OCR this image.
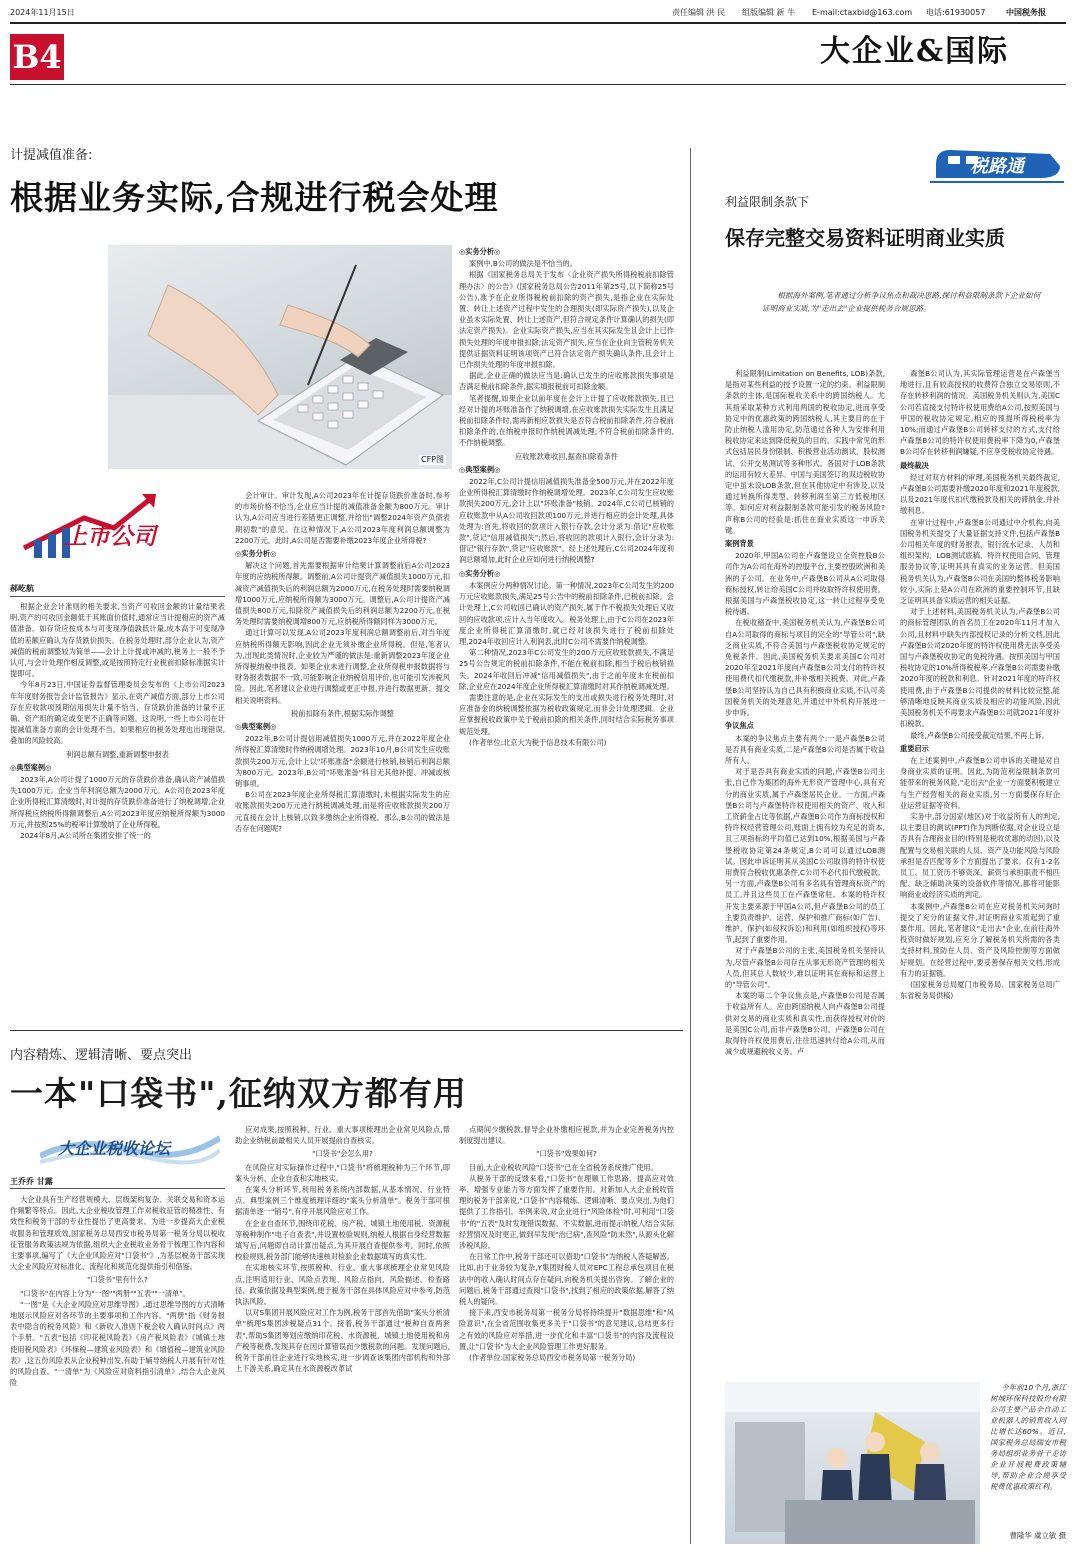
2024年11月15日	责任编辑 洪 民 组版编辑 新 牛 E-mail:ctaxbid@163.com 电话:61930057	中国税务报
B4	大企业&国际
计提减值准备:
根据业务实际,合规进行税会处理
CFP图
上市公司
郝屹航

根据企业会计准则的相关要求,当资产可收回金额的计量结果表明,资产的可收回金额低于其账面价值时,通常应当计提相应的资产减值准备。如存货应按成本与可变现净值孰低计量,成本高于可变现净值的差额应确认为存货跌价损失。在税务处理时,部分企业认为,资产减值的税前调整较为简单——会计上计提或冲减的,税务上一般不予认可,与会计处理作相反调整,或是按照特定行业税前扣除标准据实计提即可。

今年8月23日,中国证券监督管理委员会发布的《上市公司2023年年度财务报告会计监管报告》显示,在资产减值方面,部分上市公司存在应收款项预期信用损失计量不恰当、存货跌价准备的计量不正确、资产组的确定或变更不正确等问题。这说明,一些上市公司在计提减值准备方面的会计处理不当。如果相应的税务处理也出现错误,叠加的风险较高。

利润总额有调整,重新调整申报表

◎典型案例◎

2023年,A公司计提了1000万元的存货跌价准备,确认资产减值损失1000万元。企业当年利润总额为2000万元。A公司在2023年度企业所得税汇算清缴时,对计提的存货跌价准备进行了纳税调增,企业所得税应纳税所得额调整后,A公司2023年度应纳税所得额为3000万元,并按照25%的税率计算缴纳了企业所得税。

2024年8月,A公司所在集团安排了统一的

会计审计。审计发现,A公司2023年在计提存货跌价准备时,参考的市场价格不恰当,企业应当计提的减值准备金额为800万元。审计认为,A公司应当进行差错更正调整,并给出"调整2024年资产负债表期初数"的意见。在这种情况下,A公司2023年度利润总额调整为2200万元。此时,A公司是否需要补缴2023年度企业所得税?

◎实务分析◎

解决这个问题,首先需要根据审计结果计算调整前后A公司2023年度的应纳税所得额。调整前,A公司计提资产减值损失1000万元,扣减资产减值损失后的利润总额为2000万元,在税务处理时需要纳税调增1000万元,应纳税所得额为3000万元。调整后,A公司计提资产减值损失800万元,扣除资产减值损失后的利润总额为2200万元,在税务处理时需要纳税调增800万元,应纳税所得额同样为3000万元。

通过计算可以发现,A公司2023年度利润总额调整前后,对当年度应纳税所得额无影响,因此企业无须补缴企业所得税。但是,笔者认为,出现此类情况时,企业较为严谨的做法是:重新调整2023年度企业所得税纳税申报表。如果企业未进行调整,企业所得税申报数据将与财务报表数据不一致,可能影响企业纳税信用评价,也可能引发涉税风险。因此,笔者建议企业进行调整或更正申报,并进行数据更新、提交相关说明资料。

税前扣除有条件,根据实际作调整

◎典型案例◎

2022年,B公司计提信用减值损失1000万元,并在2022年度企业所得税汇算清缴时作纳税调增处理。2023年10月,B公司发生应收账款损失200万元,会计上以"坏账准备"余额进行核销,核销后利润总额为800万元。2023年,B公司"坏账准备"科目无其他补提、冲减或核销事项。

B公司在2023年度企业所得税汇算清缴时,未根据实际发生的应收账款损失200万元进行纳税调减处理,而是将应收账款损失200万元直接在会计上核销,以致多缴纳企业所得税。那么,B公司的做法是否存在问题呢?

◎实务分析◎

案例中,B公司的做法是不恰当的。

根据《国家税务总局关于发布〈企业资产损失所得税税前扣除管理办法〉的公告》(国家税务总局公告2011年第25号,以下简称25号公告),准予在企业所得税税前扣除的资产损失,是指企业在实际处置、转让上述资产过程中发生的合理损失(即实际资产损失),以及企业虽未实际处置、转让上述资产,但符合规定条件计算确认的损失(即法定资产损失)。企业实际资产损失,应当在其实际发生且会计上已作损失处理的年度申报扣除;法定资产损失,应当在企业向主管税务机关提供证据资料证明该项资产已符合法定资产损失确认条件,且会计上已作损失处理的年度申报扣除。

据此,企业正确的做法应当是:确认已发生的应收账款损失事项是否满足税前扣除条件,据实填报税前可扣除金额。

笔者提醒,如果企业以前年度在会计上计提了应收账款损失,且已经对计提的坏账准备作了纳税调增,在应收账款损失实际发生且满足税前扣除条件时,需再新相应款损失是否符合税前扣除条件,符合税前扣除条件的,在纳税申报时作纳税调减处理;不符合税前扣除条件的,不作纳税调整。

应收账款难收回,据查扣除看条件

◎典型案例◎

2022年,C公司计提信用减值损失准备金500万元,并在2022年度企业所得税汇算清缴时作纳税调增处理。2023年,C公司发生应收账款损失200万元,会计上以"坏账准备"核销。2024年,C公司已核销的应收账款中从A公司收回款项100万元,并进行相应的会计处理,具体处理为:首先,将收回的款项计入银行存款,会计分录为:借记"应收账款",贷记"信用减值损失";然后,将收回的款项计入银行,会计分录为:借记"银行存款",贷记"应收账款"。经上述处理后,C公司2024年度利润总额增加,此时企业应如何进行纳税调整?

◎实务分析◎

本案例应分两种情况讨论。第一种情况,2023年C公司发生的200万元应收账款损失,满足25号公告中的税前扣除条件,已税前扣除。会计处理上,C公司收回已确认的资产损失,属于作不税损失处理后又收回的应收款项,应计入当年度收入。税务处理上,由于C公司在2023年度企业所得税汇算清缴时,就已经对该损失进行了税前扣除处理,2024年收回应计入利润表,此时C公司不需要作纳税调整。

第二种情况,2023年C公司发生的200万元应收账款损失,不满足25号公告规定的税前扣除条件,不能在税前扣除,相当于税后核销损失。2024年收回后冲减"信用减值损失",由于之前年度未在税前扣除,企业应在2024年度企业所得税汇算清缴时对其作纳税调减处理。

需要注意的是,企业在实际发生的支出或损失进行税务处理时,对应准备金的纳税调整依据为税收政策规定,而非会计处理逻辑。企业应掌握税收政策中关于税前扣除的相关条件,同时结合实际税务事项规范处理。

(作者单位:北京大为税干信息技术有限公司)

内容精炼、逻辑清晰、要点突出
一本"口袋书",征纳双方都有用
大企业税收论坛
王乔乔 甘露

大企业具有生产经营规模大、层级架构复杂、关联交易和资本运作频繁等特点。因此,大企业税收管理工作对税收征管的精准性、有效性和税务干部的专业性提出了更高要求。为进一步提高大企业税收服务和管理质效,国家税务总局西安市税务局第一税务分局以税收征管服务政策法规为依据,组织大企业税收业务骨干梳理工作内容和主要事项,编写了《大企业风险应对"口袋书"》,为基层税务干部实现大企业风险应对标准化、流程化和规范化提供指引和借鉴。

"口袋书"里有什么?

"口袋书"在内容上分为"一图""两册""五表""一清单"。

"一图"是《大企业风险应对思维导图》,通过思维导图的方式清晰地展示风险应对各环节的主要事项和工作内容。"两册"指《财务报表中隐含的税务风险》和《新收入准则下税会收入确认时间点》两个手册。"五表"包括《印花税风险表》《房产税风险表》《城镇土地使用税风险表》《环保税—建筑业风险表》和《增值税—建筑业风险表》,这五份风险表从企业税种出发,有助于辅导纳税人开展有针对性的风险自查。"一清单"为《风险应对资料指引清单》,结合大企业风险

应对成果,按照税种、行业、重大事项梳理出企业常见风险点,帮助企业纳税前最相关人员开展提前自查核实。

"口袋书"会怎么用?

在风险应对实际操作过程中,"口袋书"将梳理税种为三个环节,即案头分析、企业自查和实地核实。

在案头分析环节,利用税务系统内部数据,从基本情况、行业特点、典型案例三个维度梳理详细的"案头分析清单"。税务干部可根据清单逐一"销号",有序开展风险应对工作。

在企业自查环节,围绕印花税、房产税、城镇土地使用税、资源税等税种制作"电子自查表",并设置校验规则,纳税人根据自身经营数据填写后,问题即自动计算出疑点,为其开展自查提供参考。同时,依照校验规则,税务部门能够快速核对检验企业数据填写的真实性。

在实地核实环节,按照税种、行业、重大事项梳理企业常见风险点,注明适用行业、风险点表现、风险点指向、风险描述、检查路径、政策依据及典型案例,便于税务干部在具体风险应对中参考,防范执法风险。

以对S集团开展风险应对工作为例,税务干部首先借助"案头分析清单"梳理S集团涉税疑点31个。接着,税务干部通过"税种自查两套表",帮助S集团筹划应缴纳印花税、水资源税、城镇土地使用税和房产税等税费,发现其存在因计算错误而少缴税款的问题。发现问题后,税务干部前往企业进行实地核实,进一步调查该集团内部机构和外部上下游关系,确定其在水资源税改革试

点期间少缴税款,督导企业补缴相应税款,并为企业完善税务内控制度提出建议。

"口袋书"效果如何?

目前,大企业税收风险"口袋书"已在全省税务系统推广使用。

从税务干部的反馈来看,"口袋书"在理顺工作思路、提高应对效率、增强专业能力等方面发挥了重要作用。对新加入大企业税收管理的税务干部来说,"口袋书"内容精练、逻辑清晰、要点突出,为他们提供了工作指引。举例来说,对企业进行"风险体检"时,可利用"口袋书"的"五表"及时发现错误数据、不实数据,进而提示纳税人结合实际经营情况及时更正,做到早发现"治已病",查风险"防未然",从源头化解涉税风险。

在日常工作中,税务干部还可以借助"口袋书"为纳税人答疑解惑。比如,由于业务较为复杂,Y集团财税人员对EPC工程总承包项目在税法中的收入确认时间点存在疑问,向税务机关提出咨询。了解企业的问题后,税务干部通过查阅"口袋书",找到了相应的政策依据,解答了纳税人的疑问。

接下来,西安市税务局第一税务分局将持续提升"数据思维"和"风险意识",在全省范围收集更多关于"口袋书"的意见建议,总结更多行之有效的风险应对举措,进一步优化和丰富"口袋书"的内容及流程设置,让"口袋书"为大企业风险管理工作更好服务。

(作者单位:国家税务总局西安市税务局第一税务分局)

税路通
利益限制条款下
保存完整交易资料证明商业实质
根据海外案例,笔者通过分析争议焦点和裁决思路,探讨利益限制条款下企业如何证明商业实质,为"走出去"企业提供税务合规思路。

利益限制(Limitation on Benefits, LOB)条款,是指对某些利益的授予设置一定的约束。利益限制条款的主体,是国际税收关系中的跨国纳税人。尤其指采取某种方式利用两国的税收协定,进而享受协定中的优惠政策的跨国纳税人,其主要目的在于防止纳税人滥用协定,防范通过各种人为安排利用税收协定来达到降低税负的目的。实践中常见的形式包括居民身份限制、积极营业活动测试、股权测试、公开交易测试等多种形式。各国对于LOB条款的运用有较大差异。中国与美国签订的双边税收协定中虽未设LOB条款,但在其他协定中有涉及,以及通过转换所得类型、转移利润至第三方低税地区等。如何应对利益限制条款可能引发的税务风险?声称B公司的经验是:抓住在商业实质这一申诉关键。

案例背景

2020年,甲国A公司在卢森堡设立全资控股B公司作为A公司在海外的控股平台,主要控股欧洲和美洲的子公司。在业务中,卢森堡B公司从A公司取得商标授权,转让给美国C公司并收取特许权使用费。根据美国与卢森堡税收协定,这一转让过程享受免税待遇。

在税收稽查中,美国税务机关认为,卢森堡B公司自A公司取得的商标与项目的完全的"导管公司",缺乏商业实质,不符合美国与卢森堡税收协定规定的免税条件。因此,美国税务机关要求美国C公司对2020年至2021年度向卢森堡B公司支付的特许权使用费代扣代缴税款,并补缴相关税费。对此,卢森堡B公司坚持认为自己具有积极商业实质,不认可美国税务机关的处理意见,并通过中外机构开展进一步申诉。

争议焦点

本案的争议焦点主要有两个:一是卢森堡B公司是否具有商业实质,二是卢森堡B公司是否属于收益所有人。

对于是否具有商业实质的问题,卢森堡B公司主张,自己作为集团的海外无形资产管理中心,具有充分的商业实质,属于卢森堡居民企业。一方面,卢森堡B公司与卢森堡特许权使用相关的资产、收入和工资薪金占比等依据,卢森堡B公司作为商标授权和特许权经营管理公司,账面上拥有较为充足的资本,且三项指标的平均值已达到10%,根据美国与卢森堡税收协定第24条规定,B公司可以通过LOB测试。因此申诉证明其从美国C公司取得的特许权使用费符合税收优惠条件,C公司不必代扣代缴税款。另一方面,卢森堡B公司有多名具有管理商标资产的员工,并且这些员工在卢森堡常驻。本案的特许权开发主要来源于甲国A公司,但卢森堡B公司的员工主要负责维护、运营、保护和推广商标(如广告)、维护、保护(如侵权诉讼)和利用(如组织授权)等环节,起到了重要作用。

对于卢森堡B公司的主张,美国税务机关坚持认为,尽管卢森堡B公司存在从事无形资产管理的相关人员,但其总人数较少,难以证明其在商标和运营上的"导管公司"。

本案的第二个争议焦点是,卢森堡B公司是否属于收益所有人。应由跨国纳税人向卢森堡B公司提供对交易的商业实质和真实性,而获得授权对价的是美国C公司,而非卢森堡B公司。卢森堡B公司在取得特许权使用费后,往往迅速转付给A公司,从而减少或规避税收义务。卢

森堡B公司认为,其实际管理运营是在卢森堡当地进行,且有较高授权的收费符合独立交易原则,不存在转移利润的情况。美国税务机关则认为,美国C公司若直接支付特许权使用费给A公司,按照美国与甲国的税收协定规定,相应的预提所得税税率为10%;而通过卢森堡B公司转移支付的方式,支付给卢森堡B公司的特许权使用费税率下降为0,卢森堡B公司存在转移利润嫌疑,不应享受税收协定待遇。

最终裁决

经过对双方材料的审理,美国税务机关最终裁定,卢森堡B公司需要补缴2020年度和2021年度税款,以及2021年度代扣代缴税款及相关的滞纳金,并补缴利息。

在审计过程中,卢森堡B公司通过中介机构,向美国税务机关提交了大量证据支持文件,包括卢森堡B公司相关年度的财务报表、银行流水记录、人员和组织架构、LOB测试底稿、特许权使用合同、管理服务协议等,证明其具有真实的业务运营。但美国税务机关认为,卢森堡B公司在美国的整体税务影响较小,实际上是A公司在欧洲的重要控制环节,且缺乏证明其具备实质运营的相关证据。

对于上述材料,美国税务机关认为,卢森堡B公司的商标管理团队的首名员工在2020年11月才加入公司,且材料中缺失内部授权记录的分析文档,因此卢森堡B公司2020年度的特许权使用费无法享受美国与卢森堡税收协定的免税待遇。按照美国与甲国税收协定的10%所得税税率,卢森堡B公司需要补缴2020年度的税款和利息。针对2021年度的特许权使用费,由于卢森堡B公司提供的材料比较完整,能够清晰地反映其商业实质及相应的功能风险,因此美国税务机关不再要求卢森堡B公司就2021年度补扣税款。

最终,卢森堡B公司接受裁定结果,不再上诉。

重要启示

在上述案例中,卢森堡B公司申诉的关键是对自身商业实质的证明。因此,为防范利益限制条款可能带来的税务风险,"走出去"企业一方面要积极建立与生产经营相关的商业实质,另一方面要保存好企业运营证据等资料。

实务中,部分国家(地区)对于收益所有人的判定,以主要目的测试(PPT)作为判断依据,对企业设立是否具有合理商业目的(特别是税收优惠的动因),以及配置与交易相关联的人员、资产及功能风险与风险承担是否匹配等多个方面提出了要求。仅有1-2名员工、员工资历不够资深、薪资与承担职责不相匹配、缺乏辅助决策的设备软件等情况,都将可能影响商业或经济实质的判定。

本案例中,卢森堡B公司在应对税务机关问询时提交了充分的证据文件,对证明商业实质起到了重要作用。因此,笔者建议"走出去"企业,在前往海外投资时做好规划,应充分了解税务机关所需的各类支持材料,预防在人员、资产及风险控制等方面做好规划。在经营过程中,要妥善保存相关文档,形成有力的证据链。

(国家税务总局厦门市税务局、国家税务总局广东省税务局供稿)

今年前10个月,浙江树城环保科技股份有限公司主要产品全自动工业机器人的销售收入同比增长达60%。近日,国家税务总局瑞安市税务局组织业务骨干走访企业开展税费政策辅导,帮助企业合规享受税费优惠政策红利。
曹隆华 虞立敏 摄
